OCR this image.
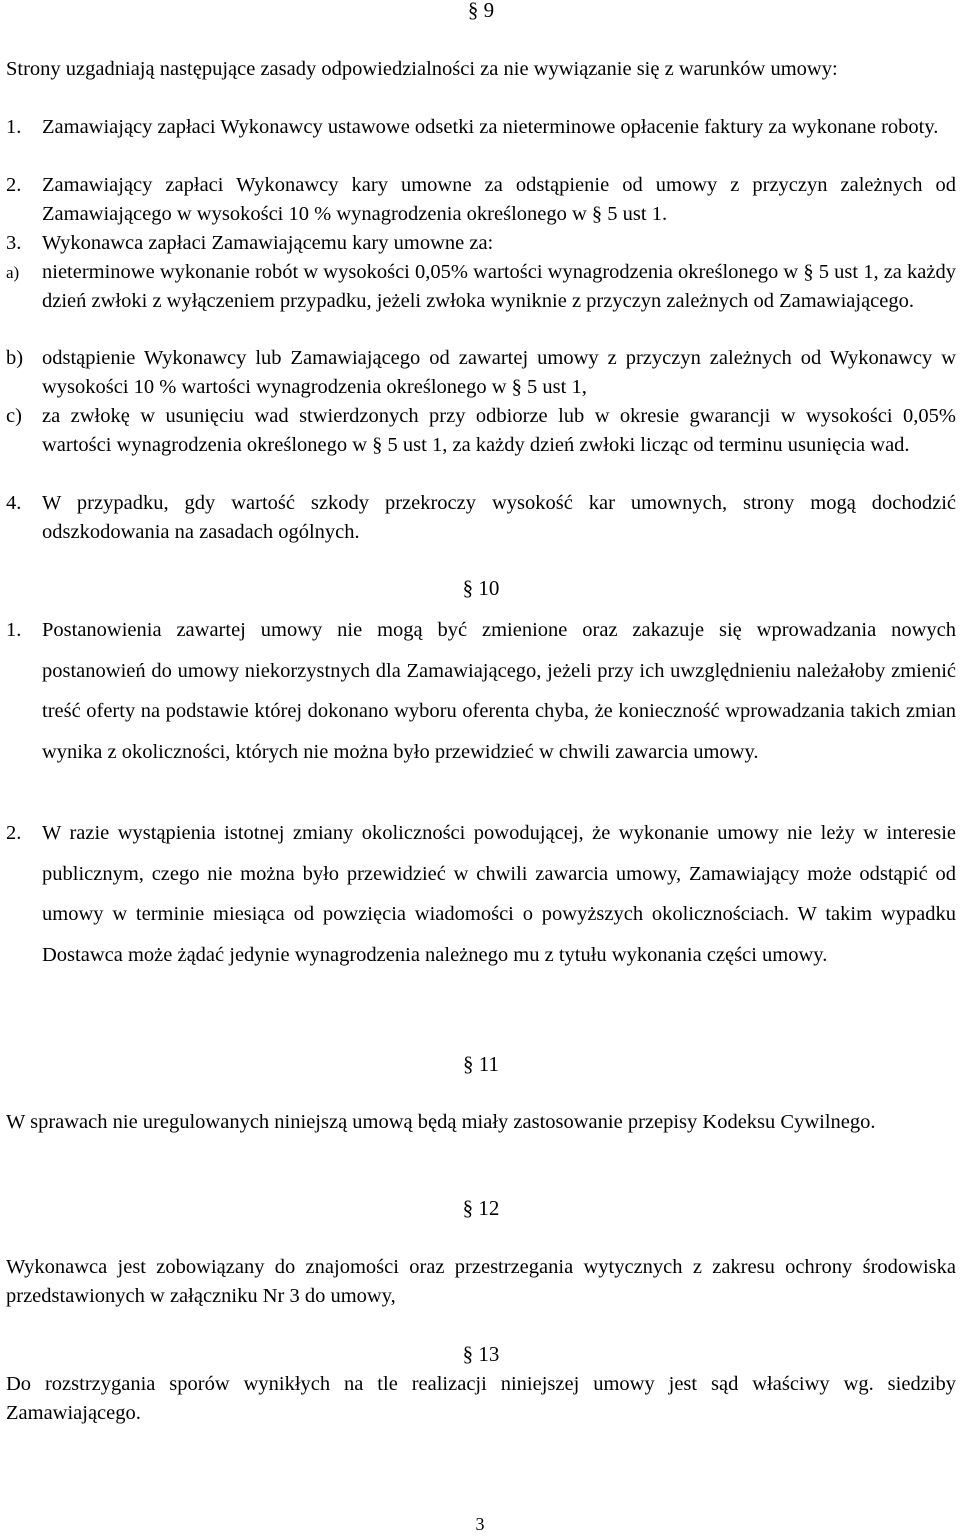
§ 9
Strony uzgadniają następujące zasady odpowiedzialności za nie wywiązanie się z warunków umowy:
1. Zamawiający zapłaci Wykonawcy ustawowe odsetki za nieterminowe opłacenie faktury za wykonane roboty.
2. Zamawiający zapłaci Wykonawcy kary umowne za odstąpienie od umowy z przyczyn zależnych od Zamawiającego w wysokości 10 % wynagrodzenia określonego w § 5 ust 1.
3. Wykonawca zapłaci Zamawiającemu kary umowne za:
a) nieterminowe wykonanie robót w wysokości 0,05% wartości wynagrodzenia określonego w § 5 ust 1, za każdy dzień zwłoki z wyłączeniem przypadku, jeżeli zwłoka wyniknie z przyczyn zależnych od Zamawiającego.
b) odstąpienie Wykonawcy lub Zamawiającego od zawartej umowy z przyczyn zależnych od Wykonawcy w wysokości 10 % wartości wynagrodzenia określonego w § 5 ust 1,
c) za zwłokę w usunięciu wad stwierdzonych przy odbiorze lub w okresie gwarancji w wysokości 0,05% wartości wynagrodzenia określonego w § 5 ust 1, za każdy dzień zwłoki licząc od terminu usunięcia wad.
4. W przypadku, gdy wartość szkody przekroczy wysokość kar umownych, strony mogą dochodzić odszkodowania na zasadach ogólnych.
§ 10
1. Postanowienia zawartej umowy nie mogą być zmienione oraz zakazuje się wprowadzania nowych postanowień do umowy niekorzystnych dla Zamawiającego, jeżeli przy ich uwzględnieniu należałoby zmienić treść oferty na podstawie której dokonano wyboru oferenta chyba, że konieczność wprowadzania takich zmian wynika z okoliczności, których nie można było przewidzieć w chwili zawarcia umowy.
2. W razie wystąpienia istotnej zmiany okoliczności powodującej, że wykonanie umowy nie leży w interesie publicznym, czego nie można było przewidzieć w chwili zawarcia umowy, Zamawiający może odstąpić od umowy w terminie miesiąca od powzięcia wiadomości o powyższych okolicznościach. W takim wypadku Dostawca może żądać jedynie wynagrodzenia należnego mu z tytułu wykonania części umowy.
§ 11
W sprawach nie uregulowanych niniejszą umową będą miały zastosowanie przepisy Kodeksu Cywilnego.
§ 12
Wykonawca jest zobowiązany do znajomości oraz przestrzegania wytycznych z zakresu ochrony środowiska przedstawionych w załączniku Nr 3 do umowy,
§ 13
Do rozstrzygania sporów wynikłych na tle realizacji niniejszej umowy jest sąd właściwy wg. siedziby Zamawiającego.
3
